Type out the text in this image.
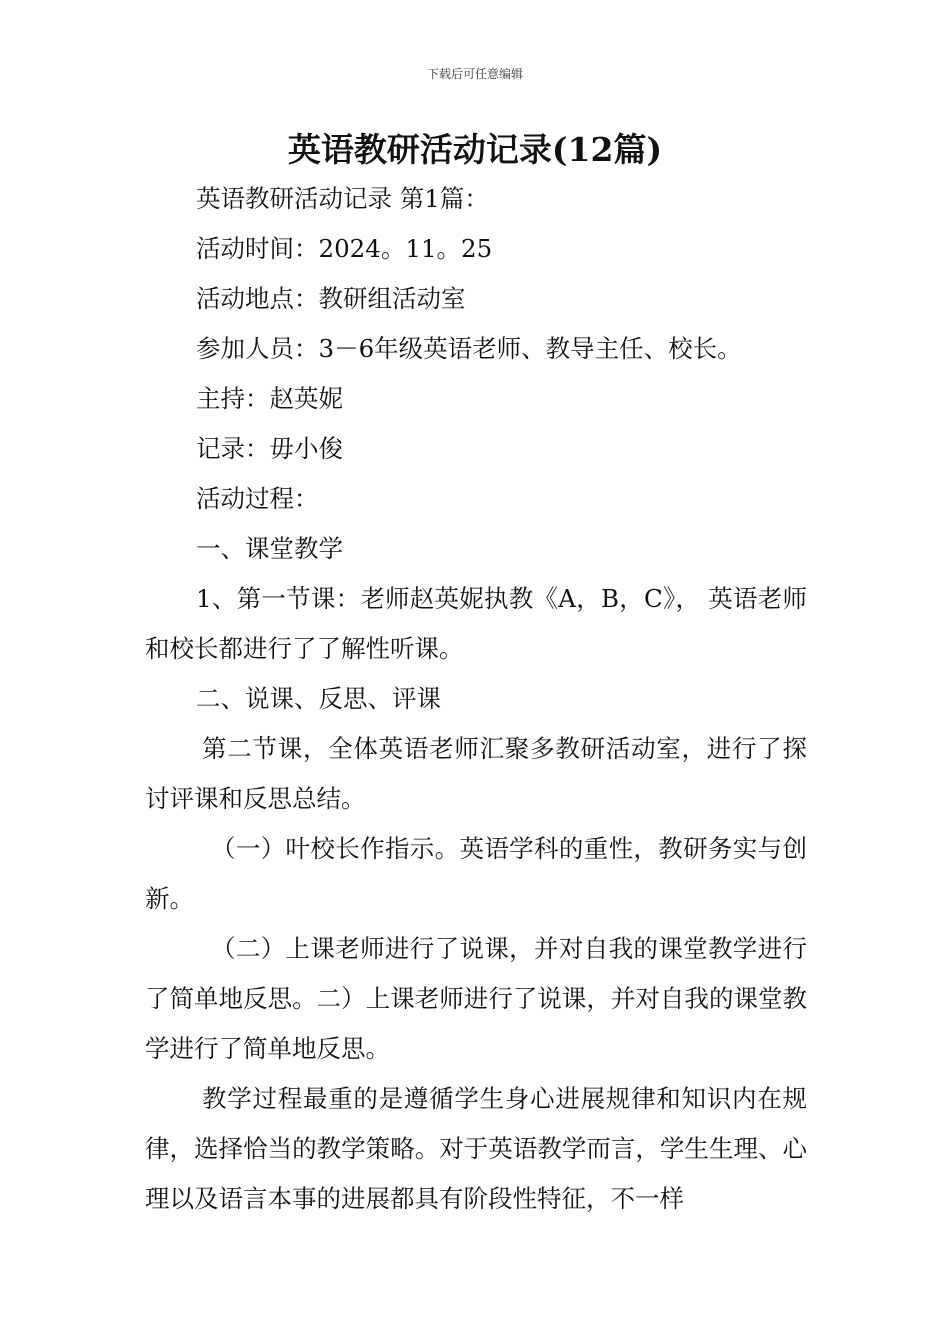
下载后可任意编辑
英语教研活动记录(12篇)

英语教研活动记录 第1篇：

活动时间：2024。11。25

活动地点：教研组活动室

参加人员：3－6年级英语老师、教导主任、校长。

主持：赵英妮

记录：毋小俊

活动过程：

一、课堂教学

1、第一节课：老师赵英妮执教《A，B，C》， 英语老师和校长都进行了了解性听课。

二、说课、反思、评课

第二节课，全体英语老师汇聚多教研活动室，进行了探讨评课和反思总结。

（一）叶校长作指示。英语学科的重性，教研务实与创新。

（二）上课老师进行了说课，并对自我的课堂教学进行了简单地反思。二）上课老师进行了说课，并对自我的课堂教学进行了简单地反思。

教学过程最重的是遵循学生身心进展规律和知识内在规律，选择恰当的教学策略。对于英语教学而言，学生生理、心理以及语言本事的进展都具有阶段性特征，不一样
